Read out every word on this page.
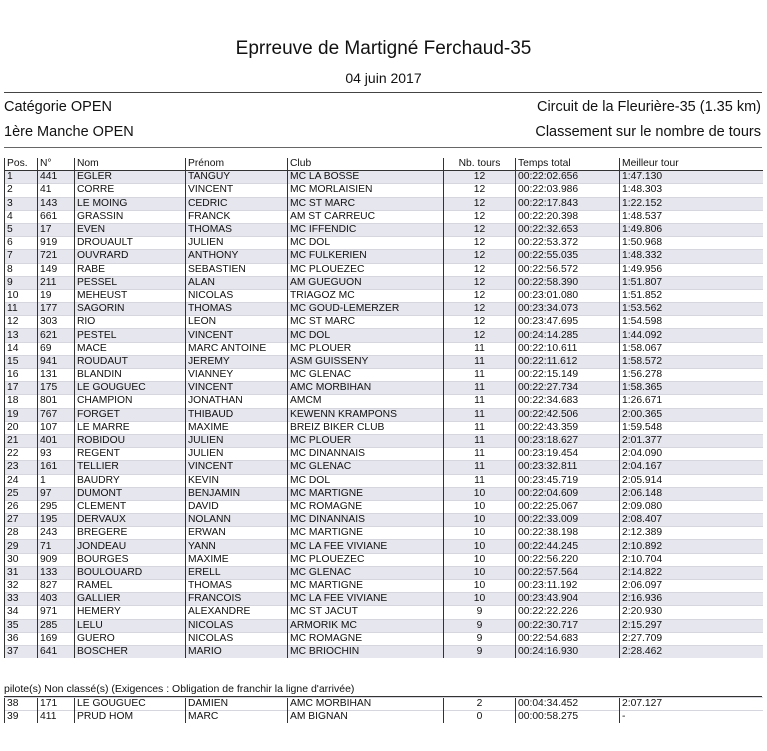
Eprreuve de Martigné Ferchaud-35
04 juin 2017
Catégorie OPEN	Circuit de la Fleurière-35 (1.35 km)
1ère Manche OPEN	Classement sur le nombre de tours
Pos.	N°	Nom	Prénom	Club	Nb. tours	Temps total	Meilleur tour
1	441	EGLER	TANGUY	MC LA BOSSE	12	00:22:02.656	1:47.130
2	41	CORRE	VINCENT	MC MORLAISIEN	12	00:22:03.986	1:48.303
3	143	LE MOING	CEDRIC	MC ST MARC	12	00:22:17.843	1:22.152
4	661	GRASSIN	FRANCK	AM ST CARREUC	12	00:22:20.398	1:48.537
5	17	EVEN	THOMAS	MC IFFENDIC	12	00:22:32.653	1:49.806
6	919	DROUAULT	JULIEN	MC DOL	12	00:22:53.372	1:50.968
7	721	OUVRARD	ANTHONY	MC FULKERIEN	12	00:22:55.035	1:48.332
8	149	RABE	SEBASTIEN	MC PLOUEZEC	12	00:22:56.572	1:49.956
9	211	PESSEL	ALAN	AM GUEGUON	12	00:22:58.390	1:51.807
10	19	MEHEUST	NICOLAS	TRIAGOZ MC	12	00:23:01.080	1:51.852
11	177	SAGORIN	THOMAS	MC GOUD-LEMERZER	12	00:23:34.073	1:53.562
12	303	RIO	LEON	MC ST MARC	12	00:23:47.695	1:54.598
13	621	PESTEL	VINCENT	MC DOL	12	00:24:14.285	1:44.092
14	69	MACE	MARC ANTOINE	MC PLOUER	11	00:22:10.611	1:58.067
15	941	ROUDAUT	JEREMY	ASM GUISSENY	11	00:22:11.612	1:58.572
16	131	BLANDIN	VIANNEY	MC GLENAC	11	00:22:15.149	1:56.278
17	175	LE GOUGUEC	VINCENT	AMC MORBIHAN	11	00:22:27.734	1:58.365
18	801	CHAMPION	JONATHAN	AMCM	11	00:22:34.683	1:26.671
19	767	FORGET	THIBAUD	KEWENN KRAMPONS	11	00:22:42.506	2:00.365
20	107	LE MARRE	MAXIME	BREIZ BIKER CLUB	11	00:22:43.359	1:59.548
21	401	ROBIDOU	JULIEN	MC PLOUER	11	00:23:18.627	2:01.377
22	93	REGENT	JULIEN	MC DINANNAIS	11	00:23:19.454	2:04.090
23	161	TELLIER	VINCENT	MC GLENAC	11	00:23:32.811	2:04.167
24	1	BAUDRY	KEVIN	MC DOL	11	00:23:45.719	2:05.914
25	97	DUMONT	BENJAMIN	MC MARTIGNE	10	00:22:04.609	2:06.148
26	295	CLEMENT	DAVID	MC ROMAGNE	10	00:22:25.067	2:09.080
27	195	DERVAUX	NOLANN	MC DINANNAIS	10	00:22:33.009	2:08.407
28	243	BREGERE	ERWAN	MC MARTIGNE	10	00:22:38.198	2:12.389
29	71	JONDEAU	YANN	MC LA FEE VIVIANE	10	00:22:44.245	2:10.892
30	909	BOURGES	MAXIME	MC PLOUEZEC	10	00:22:56.220	2:10.704
31	133	BOULOUARD	ERELL	MC GLENAC	10	00:22:57.564	2:14.822
32	827	RAMEL	THOMAS	MC MARTIGNE	10	00:23:11.192	2:06.097
33	403	GALLIER	FRANCOIS	MC LA FEE VIVIANE	10	00:23:43.904	2:16.936
34	971	HEMERY	ALEXANDRE	MC ST JACUT	9	00:22:22.226	2:20.930
35	285	LELU	NICOLAS	ARMORIK MC	9	00:22:30.717	2:15.297
36	169	GUERO	NICOLAS	MC ROMAGNE	9	00:22:54.683	2:27.709
37	641	BOSCHER	MARIO	MC BRIOCHIN	9	00:24:16.930	2:28.462
pilote(s) Non classé(s) (Exigences : Obligation de franchir la ligne d'arrivée)
38	171	LE GOUGUEC	DAMIEN	AMC MORBIHAN	2	00:04:34.452	2:07.127
39	411	PRUD HOM	MARC	AM BIGNAN	0	00:00:58.275	-
